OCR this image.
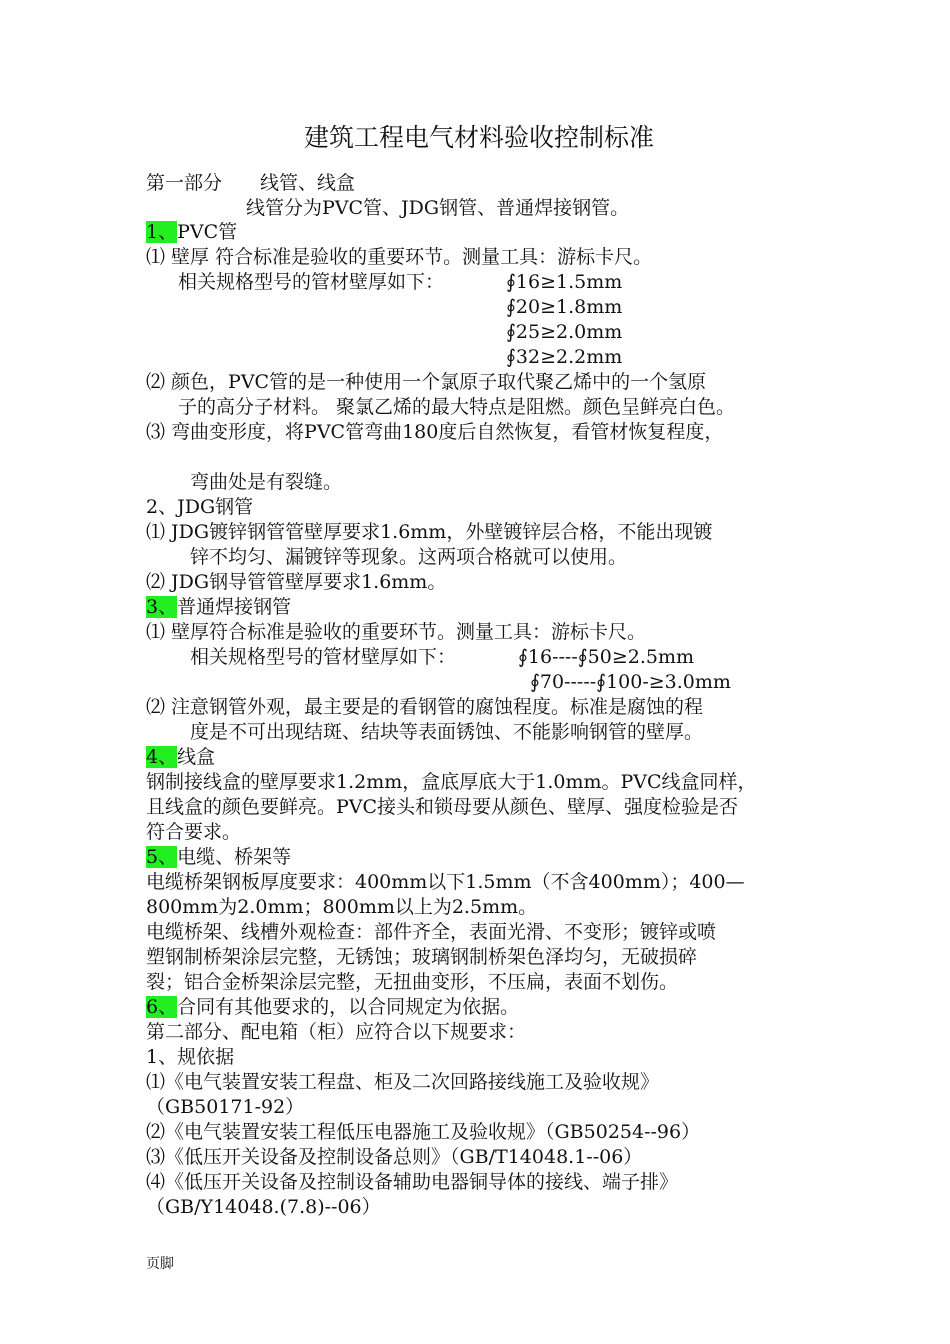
建筑工程电气材料验收控制标准
第一部分　　线管、线盒
线管分为PVC管、JDG钢管、普通焊接钢管。
1、PVC管
⑴ 壁厚 符合标准是验收的重要环节。测量工具：游标卡尺。
相关规格型号的管材壁厚如下：	∮16≥1.5mm
∮20≥1.8mm
∮25≥2.0mm
∮32≥2.2mm
⑵ 颜色，PVC管的是一种使用一个氯原子取代聚乙烯中的一个氢原
子的高分子材料。 聚氯乙烯的最大特点是阻燃。颜色呈鲜亮白色。
⑶ 弯曲变形度，将PVC管弯曲180度后自然恢复，看管材恢复程度，
弯曲处是有裂缝。
2、JDG钢管
⑴ JDG镀锌钢管管壁厚要求1.6mm，外壁镀锌层合格，不能出现镀
锌不均匀、漏镀锌等现象。这两项合格就可以使用。
⑵ JDG钢导管管壁厚要求1.6mm。
3、普通焊接钢管
⑴ 壁厚符合标准是验收的重要环节。测量工具：游标卡尺。
相关规格型号的管材壁厚如下：	∮16----∮50≥2.5mm
∮70-----∮100-≥3.0mm
⑵ 注意钢管外观，最主要是的看钢管的腐蚀程度。标准是腐蚀的程
度是不可出现结斑、结块等表面锈蚀、不能影响钢管的壁厚。
4、线盒
钢制接线盒的壁厚要求1.2mm，盒底厚底大于1.0mm。PVC线盒同样，
且线盒的颜色要鲜亮。PVC接头和锁母要从颜色、壁厚、强度检验是否
符合要求。
5、电缆、桥架等
电缆桥架钢板厚度要求：400mm以下1.5mm（不含400mm）；400—
800mm为2.0mm；800mm以上为2.5mm。
电缆桥架、线槽外观检查：部件齐全，表面光滑、不变形；镀锌或喷
塑钢制桥架涂层完整，无锈蚀；玻璃钢制桥架色泽均匀，无破损碎
裂；铝合金桥架涂层完整，无扭曲变形，不压扁，表面不划伤。
6、合同有其他要求的，以合同规定为依据。
第二部分、配电箱（柜）应符合以下规要求：
1、规依据
⑴《电气装置安装工程盘、柜及二次回路接线施工及验收规》
（GB50171-92）
⑵《电气装置安装工程低压电器施工及验收规》（GB50254--96）
⑶《低压开关设备及控制设备总则》（GB/T14048.1--06）
⑷《低压开关设备及控制设备辅助电器铜导体的接线、端子排》
（GB/Y14048.(7.8)--06）
页脚
